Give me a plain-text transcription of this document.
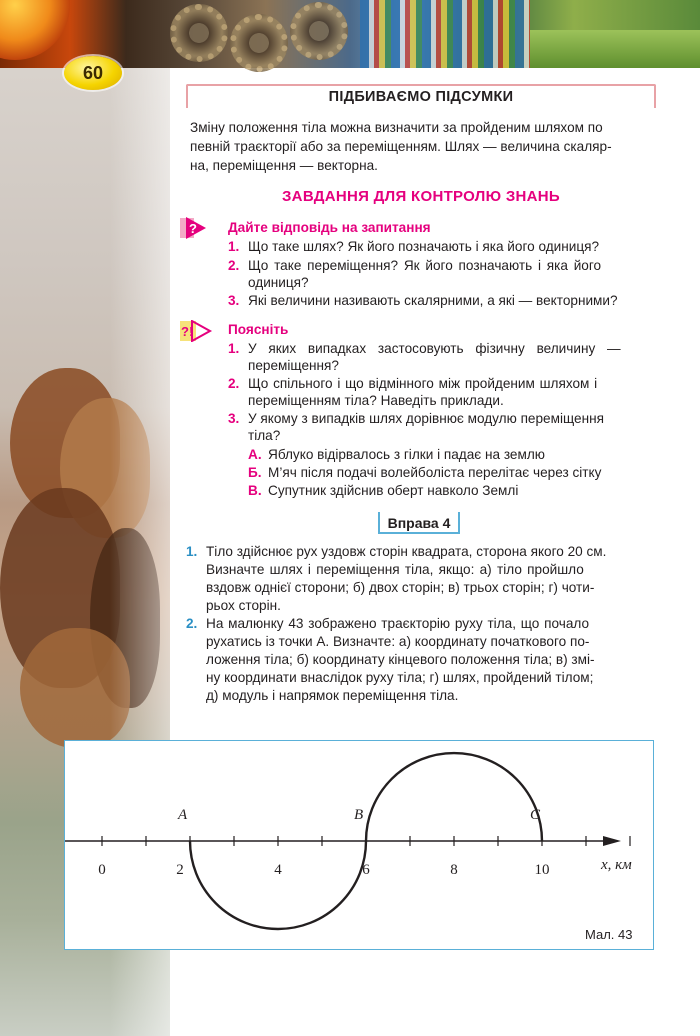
60
ПІДБИВАЄМО ПІДСУМКИ
Зміну положення тіла можна визначити за пройденим шляхом по
певній траєкторії або за переміщенням. Шлях — величина скаляр-
на, переміщення — векторна.
ЗАВДАННЯ ДЛЯ КОНТРОЛЮ ЗНАНЬ
? Дайте відповідь на запитання
1. Що таке шлях? Як його позначають і яка його одиниця?
2. Що таке переміщення? Як його позначають і яка його
одиниця?
3. Які величини називають скалярними, а які — векторними?
?!	Поясніть
1. У яких випадках застосовують фізичну величину —
переміщення?
2. Що спільного і що відмінного між пройденим шляхом і
переміщенням тіла? Наведіть приклади.
3. У якому з випадків шлях дорівнює модулю переміщення
тіла?
А. Яблуко відірвалось з гілки і падає на землю
Б. М’яч після подачі волейболіста перелітає через сітку
В. Супутник здійснив оберт навколо Землі
Вправа 4
1. Тіло здійснює рух уздовж сторін квадрата, сторона якого 20 см.
Визначте шлях і переміщення тіла, якщо: а) тіло пройшло
вздовж однієї сторони; б) двох сторін; в) трьох сторін; г) чоти-
рьох сторін.
2. На малюнку 43 зображено траєкторію руху тіла, що почало
рухатись із точки А. Визначте: а) координату початкового по-
ложення тіла; б) координату кінцевого положення тіла; в) змі-
ну координати внаслідок руху тіла; г) шлях, пройдений тілом;
д) модуль і напрямок переміщення тіла.
0	2	4	6	8	10
A	B	C
x, км
Мал. 43
